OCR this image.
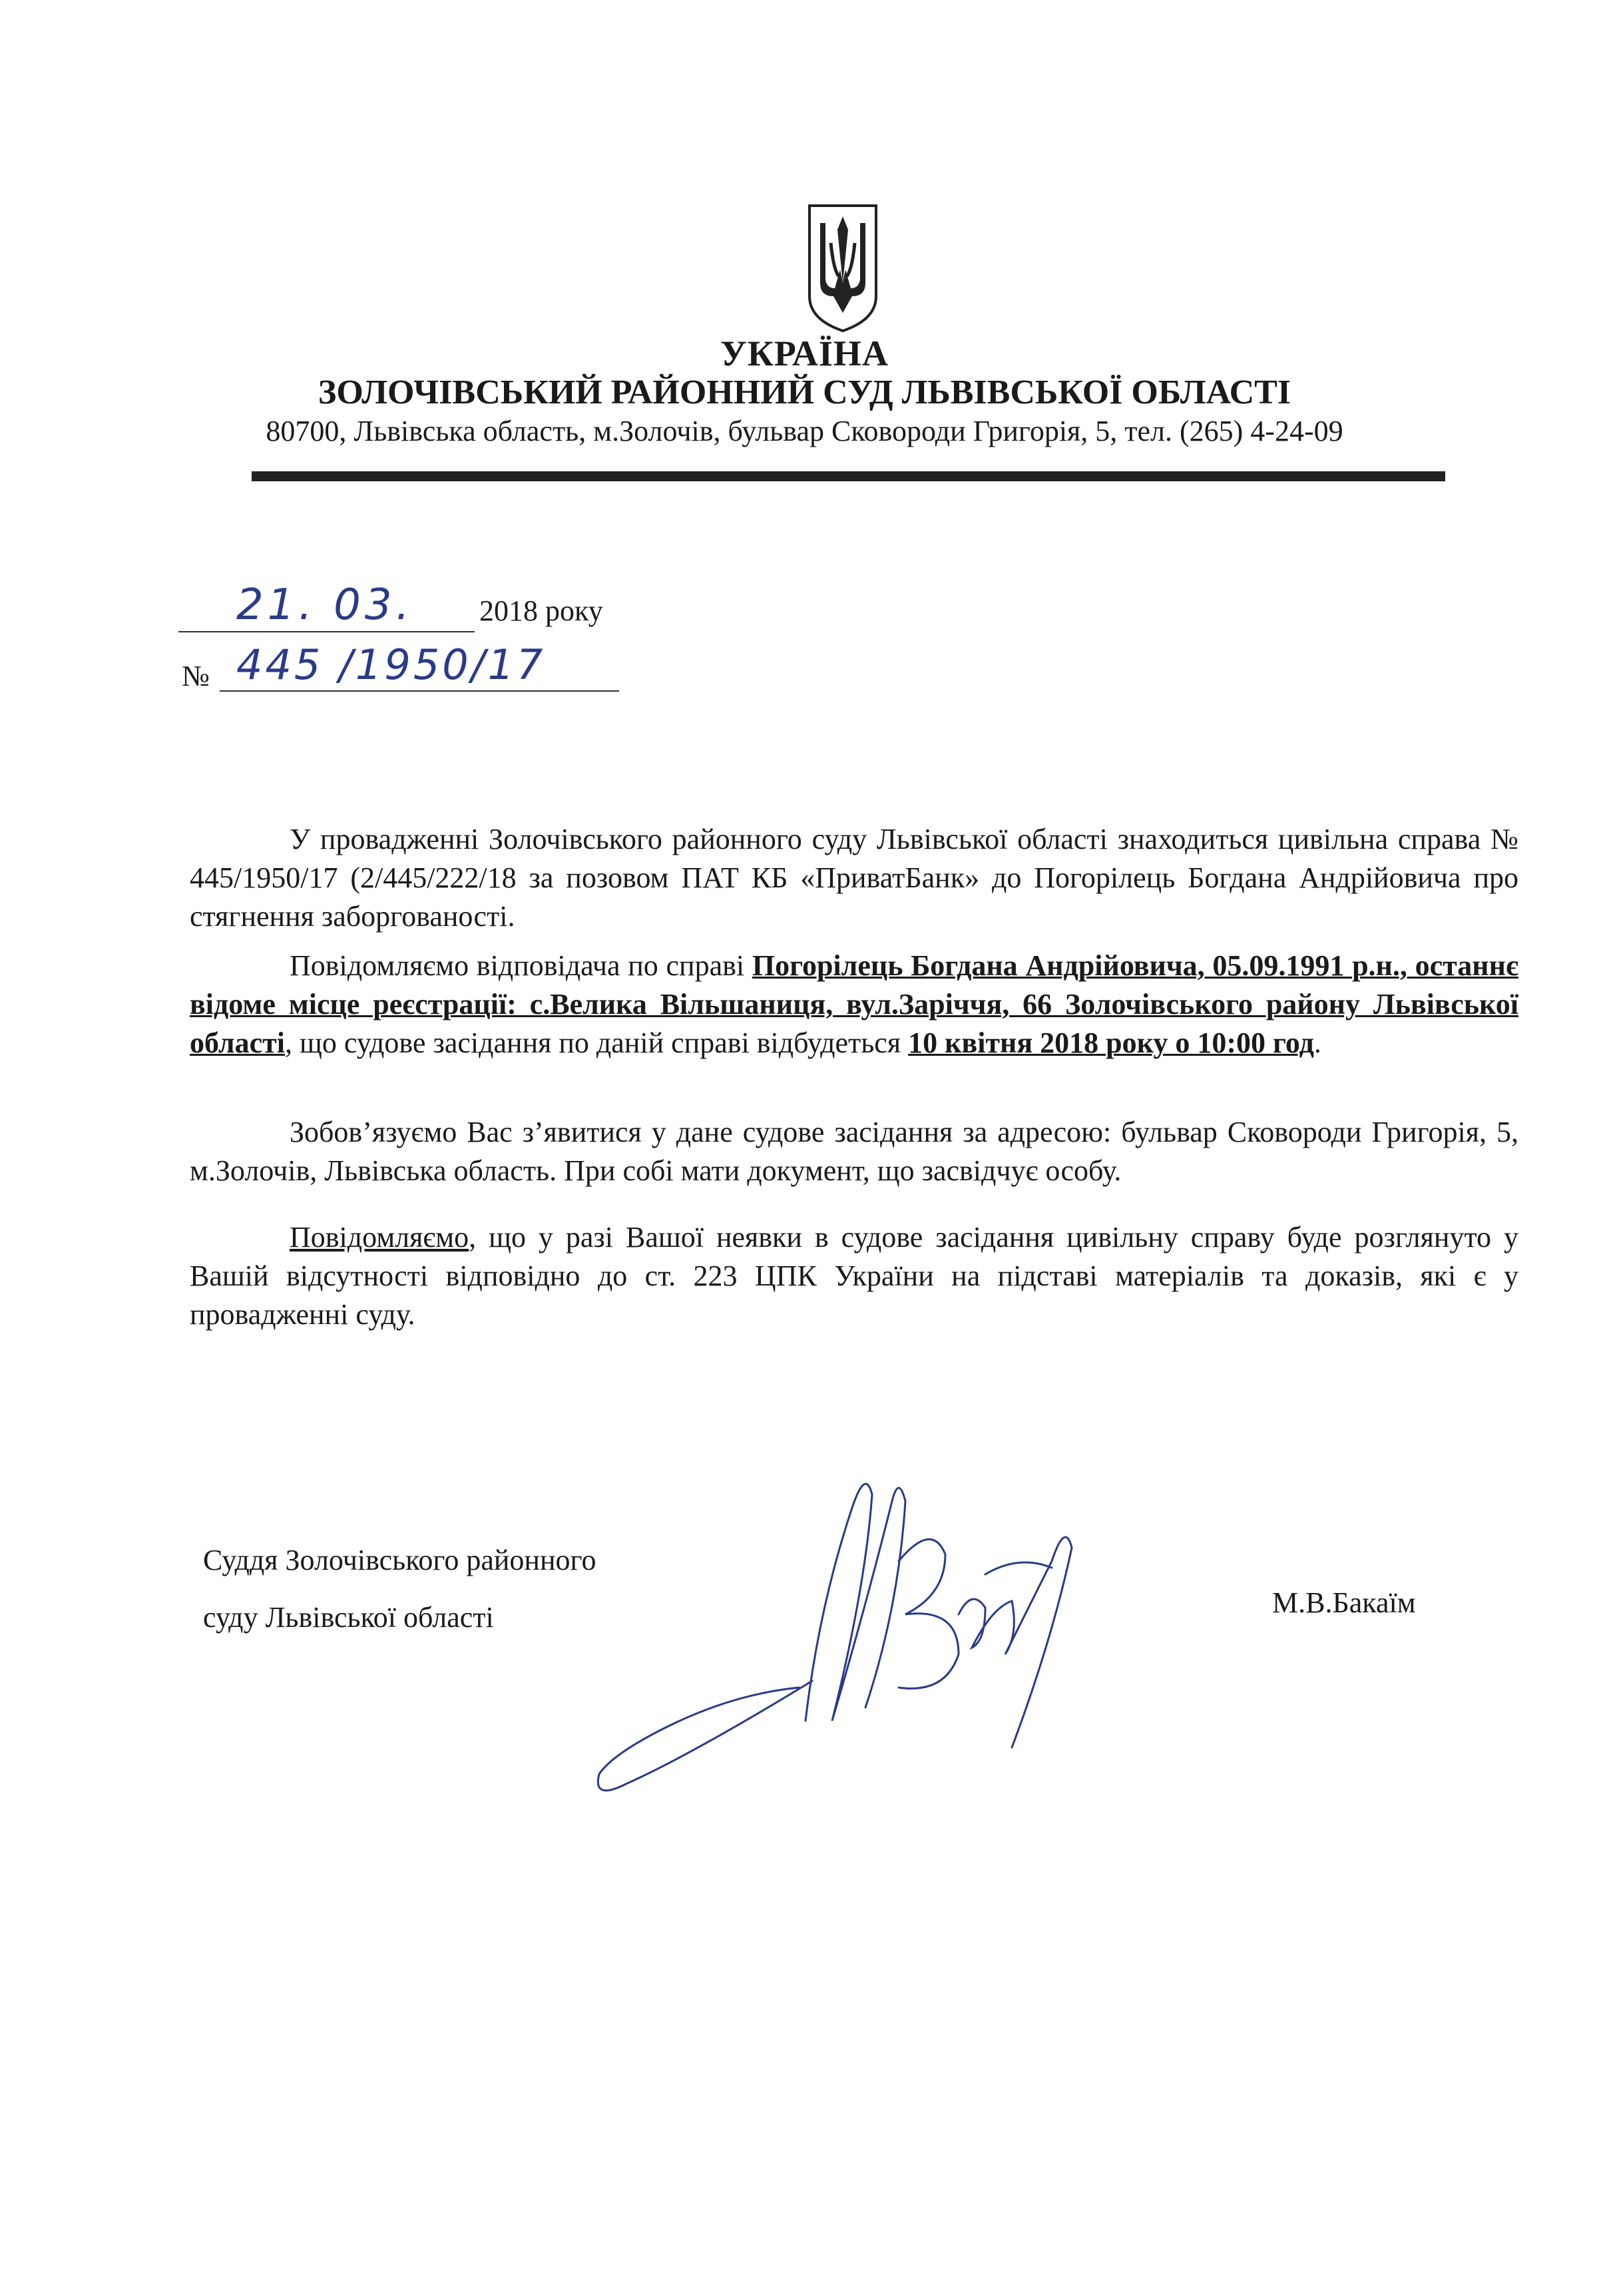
УКРАЇНА
ЗОЛОЧІВСЬКИЙ РАЙОННИЙ СУД ЛЬВІВСЬКОЇ ОБЛАСТІ
80700, Львівська область, м.Золочів, бульвар Сковороди Григорія, 5, тел. (265) 4-24-09
21. 03. 2018 року
№ 445 /1950/17
У провадженні Золочівського районного суду Львівської області знаходиться цивільна справа № 445/1950/17 (2/445/222/18 за позовом ПАТ КБ «ПриватБанк» до Погорілець Богдана Андрійовича про стягнення заборгованості.
Повідомляємо відповідача по справі Погорілець Богдана Андрійовича, 05.09.1991 р.н., останнє відоме місце реєстрації: с.Велика Вільшаниця, вул.Заріччя, 66 Золочівського району Львівської області, що судове засідання по даній справі відбудеться 10 квітня 2018 року о 10:00 год.
Зобов’язуємо Вас з’явитися у дане судове засідання за адресою: бульвар Сковороди Григорія, 5, м.Золочів, Львівська область. При собі мати документ, що засвідчує особу.
Повідомляємо, що у разі Вашої неявки в судове засідання цивільну справу буде розглянуто у Вашій відсутності відповідно до ст. 223 ЦПК України на підставі матеріалів та доказів, які є у провадженні суду.
Суддя Золочівського районного
суду Львівської області	М.В.Бакаїм
